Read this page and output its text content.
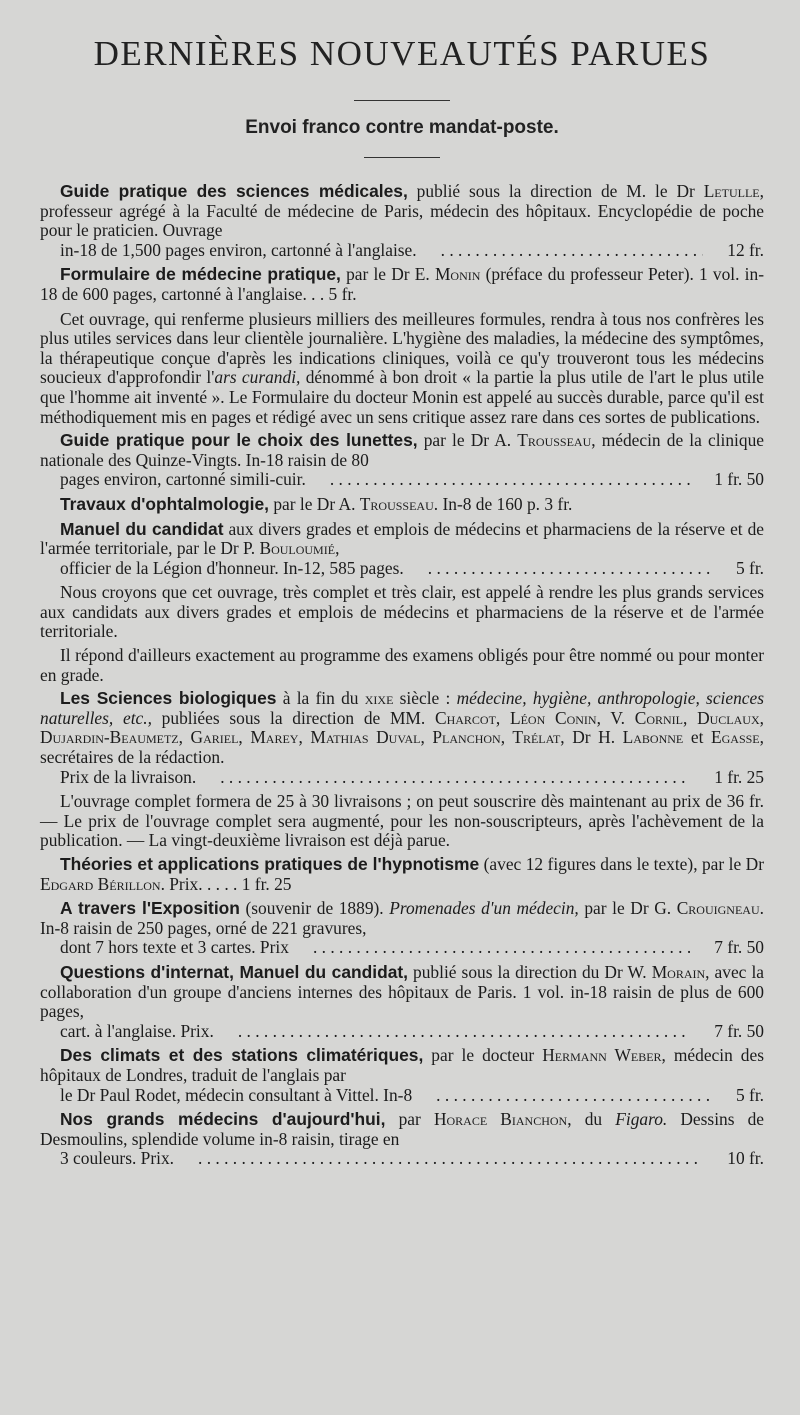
DERNIÈRES NOUVEAUTÉS PARUES
Envoi franco contre mandat-poste.
Guide pratique des sciences médicales, publié sous la direction de M. le Dr Letulle, professeur agrégé à la Faculté de médecine de Paris, médecin des hôpitaux. Encyclopédie de poche pour le praticien. Ouvrage
in-18 de 1,500 pages environ, cartonné à l'anglaise. . . .	12 fr.
Formulaire de médecine pratique, par le Dr E. Monin (préface du professeur Peter). 1 vol. in-18 de 600 pages, cartonné à l'anglaise. . . 5 fr.
Cet ouvrage, qui renferme plusieurs milliers des meilleures formules, rendra à tous nos confrères les plus utiles services dans leur clientèle journalière. L'hygiène des maladies, la médecine des symptômes, la thérapeutique conçue d'après les indications cliniques, voilà ce qu'y trouveront tous les médecins soucieux d'approfondir l'ars curandi, dénommé à bon droit « la partie la plus utile de l'art le plus utile que l'homme ait inventé ». Le Formulaire du docteur Monin est appelé au succès durable, parce qu'il est méthodiquement mis en pages et rédigé avec un sens critique assez rare dans ces sortes de publications.
Guide pratique pour le choix des lunettes, par le Dr A. Trousseau, médecin de la clinique nationale des Quinze-Vingts. In-18 raisin de 80
pages environ, cartonné simili-cuir. . . .	1 fr. 50
Travaux d'ophtalmologie, par le Dr A. Trousseau. In-8 de 160 p. 3 fr.
Manuel du candidat aux divers grades et emplois de médecins et pharmaciens de la réserve et de l'armée territoriale, par le Dr P. Bouloumié,
officier de la Légion d'honneur. In-12, 585 pages. . . .	5 fr.
Nous croyons que cet ouvrage, très complet et très clair, est appelé à rendre les plus grands services aux candidats aux divers grades et emplois de médecins et pharmaciens de la réserve et de l'armée territoriale.
Il répond d'ailleurs exactement au programme des examens obligés pour être nommé ou pour monter en grade.
Les Sciences biologiques à la fin du xixe siècle : médecine, hygiène, anthropologie, sciences naturelles, etc., publiées sous la direction de MM. Charcot, Léon Conin, V. Cornil, Duclaux, Dujardin-Beaumetz, Gariel, Marey, Mathias Duval, Planchon, Trélat, Dr H. Labonne et Egasse, secrétaires de la rédaction.
Prix de la livraison. . . .	1 fr. 25
L'ouvrage complet formera de 25 à 30 livraisons ; on peut souscrire dès maintenant au prix de 36 fr. — Le prix de l'ouvrage complet sera augmenté, pour les non-souscripteurs, après l'achèvement de la publication. — La vingt-deuxième livraison est déjà parue.
Théories et applications pratiques de l'hypnotisme (avec 12 figures dans le texte), par le Dr Edgard Bérillon. Prix. . . . . 1 fr. 25
A travers l'Exposition (souvenir de 1889). Promenades d'un médecin, par le Dr G. Crouigneau. In-8 raisin de 250 pages, orné de 221 gravures,
dont 7 hors texte et 3 cartes. Prix . . .	7 fr. 50
Questions d'internat, Manuel du candidat, publié sous la direction du Dr W. Morain, avec la collaboration d'un groupe d'anciens internes des hôpitaux de Paris. 1 vol. in-18 raisin de plus de 600 pages,
cart. à l'anglaise. Prix. . . .	7 fr. 50
Des climats et des stations climatériques, par le docteur Hermann Weber, médecin des hôpitaux de Londres, traduit de l'anglais par
le Dr Paul Rodet, médecin consultant à Vittel. In-8 . . .	5 fr.
Nos grands médecins d'aujourd'hui, par Horace Bianchon, du Figaro. Dessins de Desmoulins, splendide volume in-8 raisin, tirage en
3 couleurs. Prix. . . .	10 fr.
